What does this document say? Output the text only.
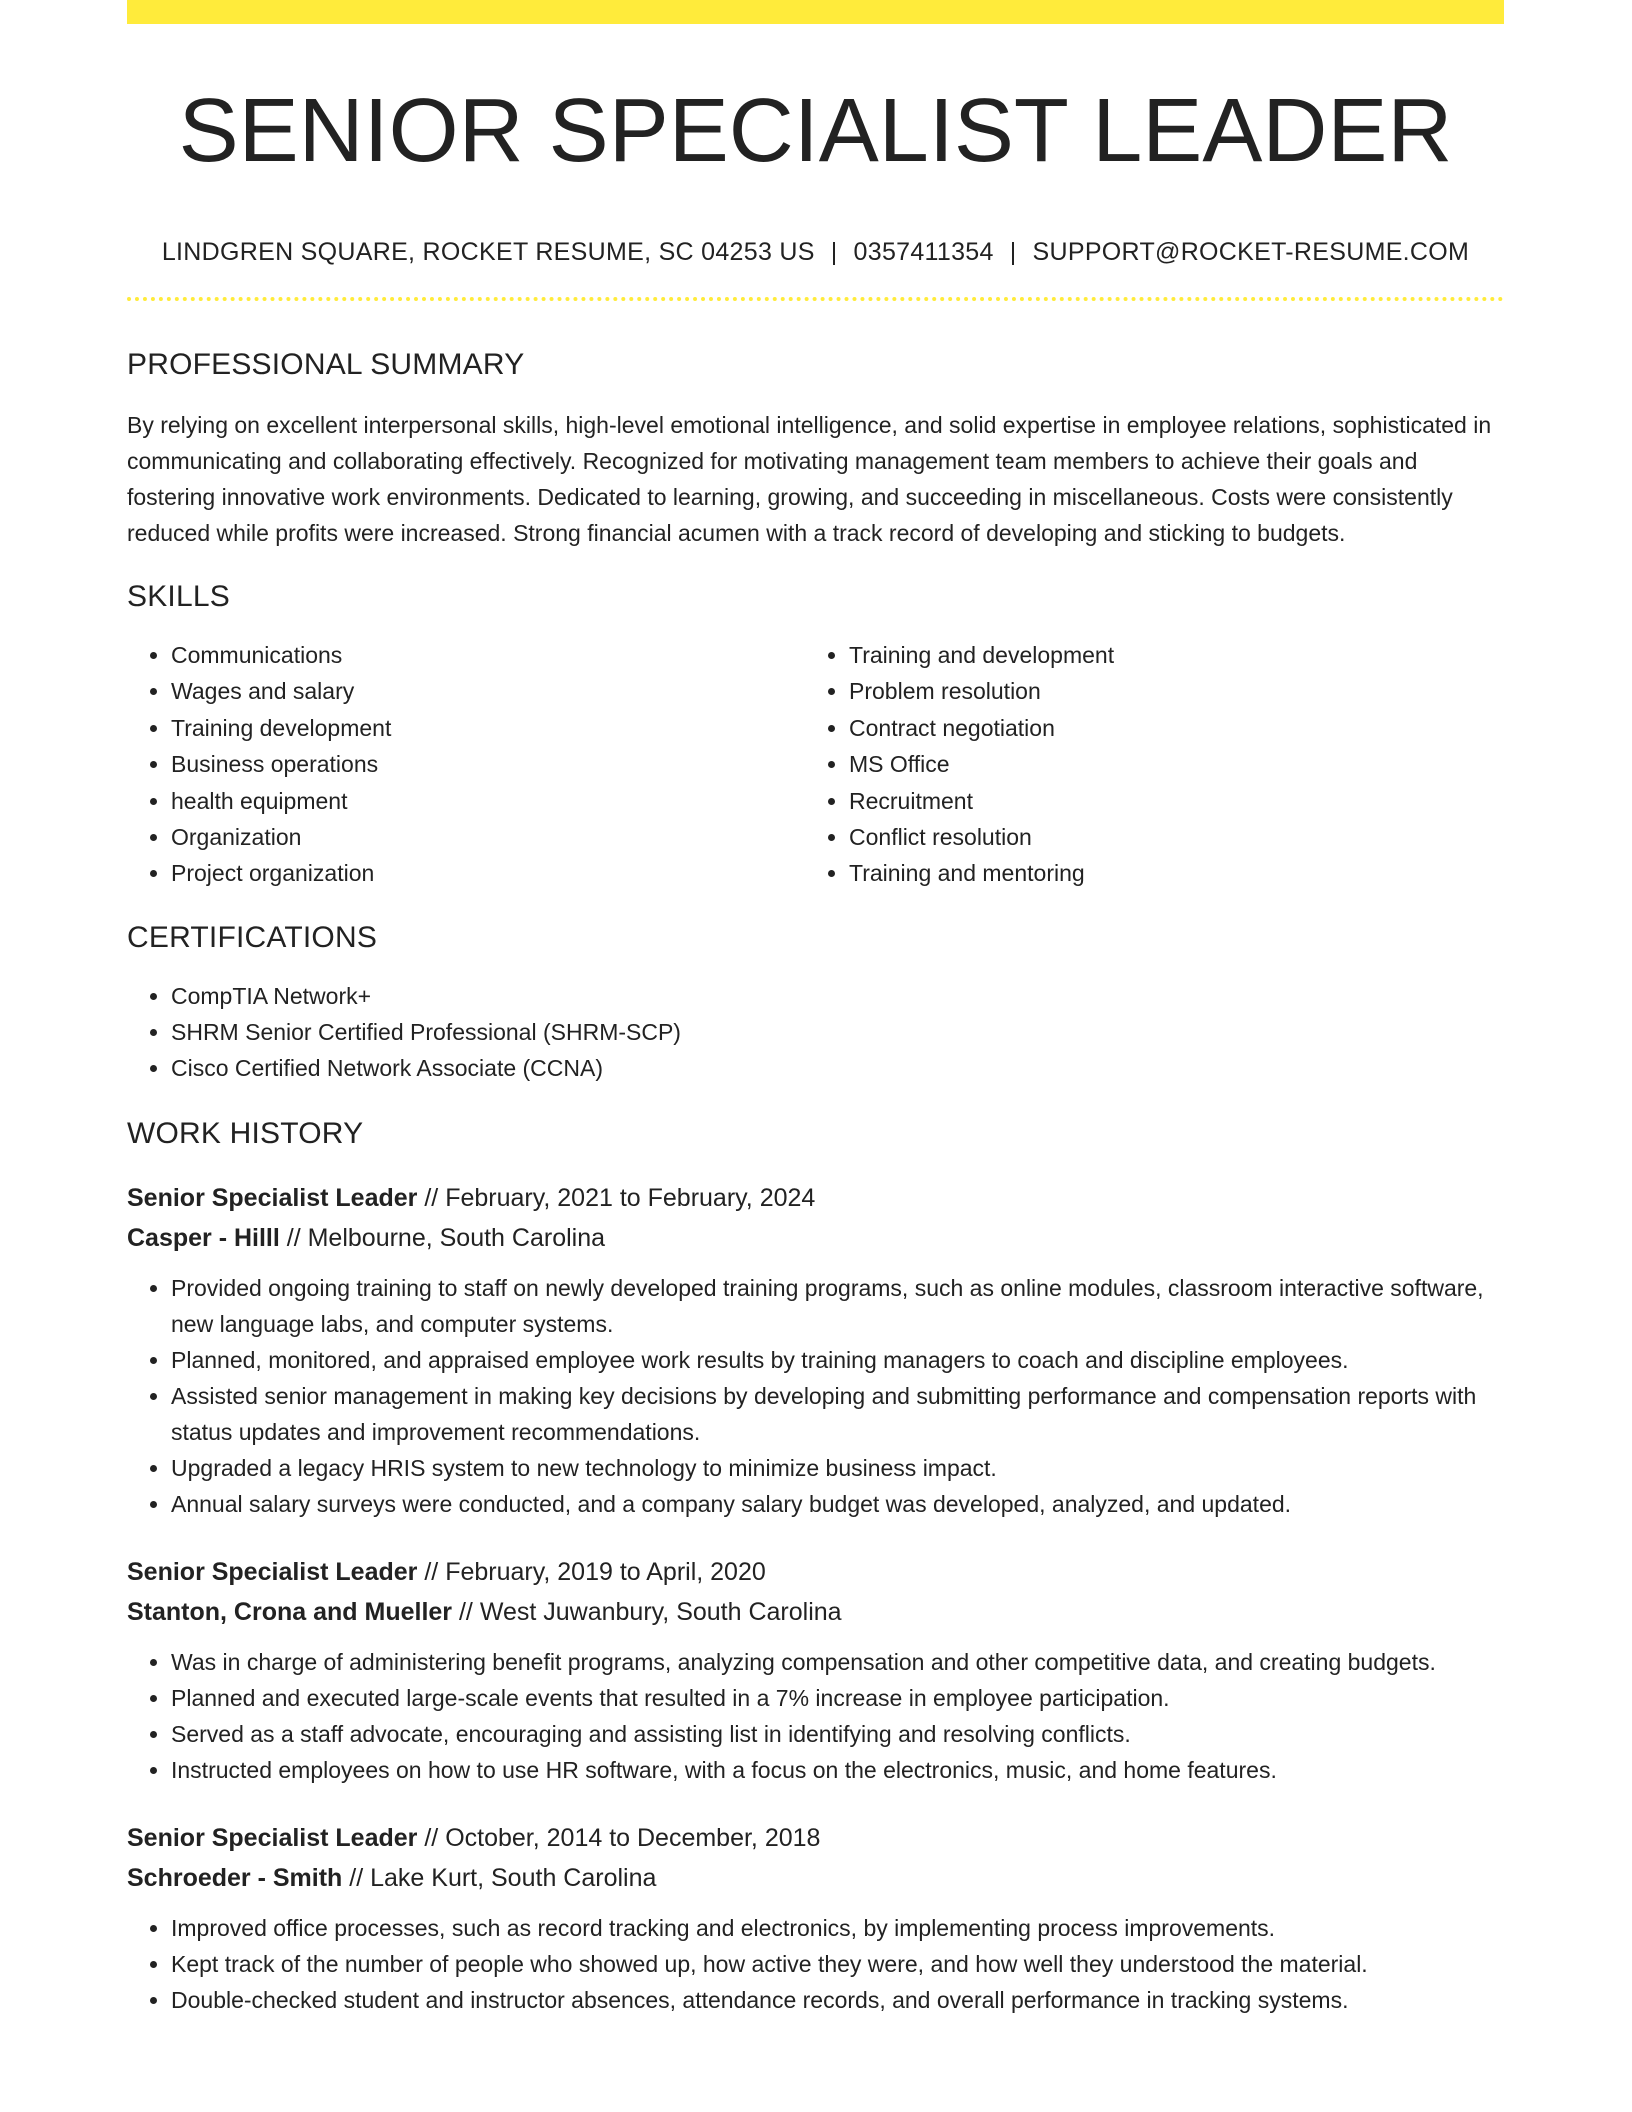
SENIOR SPECIALIST LEADER
LINDGREN SQUARE, ROCKET RESUME, SC 04253 US | 0357411354 | SUPPORT@ROCKET-RESUME.COM
PROFESSIONAL SUMMARY

By relying on excellent interpersonal skills, high-level emotional intelligence, and solid expertise in employee relations, sophisticated in communicating and collaborating effectively. Recognized for motivating management team members to achieve their goals and fostering innovative work environments. Dedicated to learning, growing, and succeeding in miscellaneous. Costs were consistently reduced while profits were increased. Strong financial acumen with a track record of developing and sticking to budgets.

SKILLS
• Communications
• Wages and salary
• Training development
• Business operations
• health equipment
• Organization
• Project organization
• Training and development
• Problem resolution
• Contract negotiation
• MS Office
• Recruitment
• Conflict resolution
• Training and mentoring
CERTIFICATIONS
• CompTIA Network+
• SHRM Senior Certified Professional (SHRM-SCP)
• Cisco Certified Network Associate (CCNA)
WORK HISTORY
Senior Specialist Leader // February, 2021 to February, 2024
Casper - Hilll // Melbourne, South Carolina
• Provided ongoing training to staff on newly developed training programs, such as online modules, classroom interactive software, new language labs, and computer systems.
• Planned, monitored, and appraised employee work results by training managers to coach and discipline employees.
• Assisted senior management in making key decisions by developing and submitting performance and compensation reports with status updates and improvement recommendations.
• Upgraded a legacy HRIS system to new technology to minimize business impact.
• Annual salary surveys were conducted, and a company salary budget was developed, analyzed, and updated.
Senior Specialist Leader // February, 2019 to April, 2020
Stanton, Crona and Mueller // West Juwanbury, South Carolina
• Was in charge of administering benefit programs, analyzing compensation and other competitive data, and creating budgets.
• Planned and executed large-scale events that resulted in a 7% increase in employee participation.
• Served as a staff advocate, encouraging and assisting list in identifying and resolving conflicts.
• Instructed employees on how to use HR software, with a focus on the electronics, music, and home features.
Senior Specialist Leader // October, 2014 to December, 2018
Schroeder - Smith // Lake Kurt, South Carolina
• Improved office processes, such as record tracking and electronics, by implementing process improvements.
• Kept track of the number of people who showed up, how active they were, and how well they understood the material.
• Double-checked student and instructor absences, attendance records, and overall performance in tracking systems.
